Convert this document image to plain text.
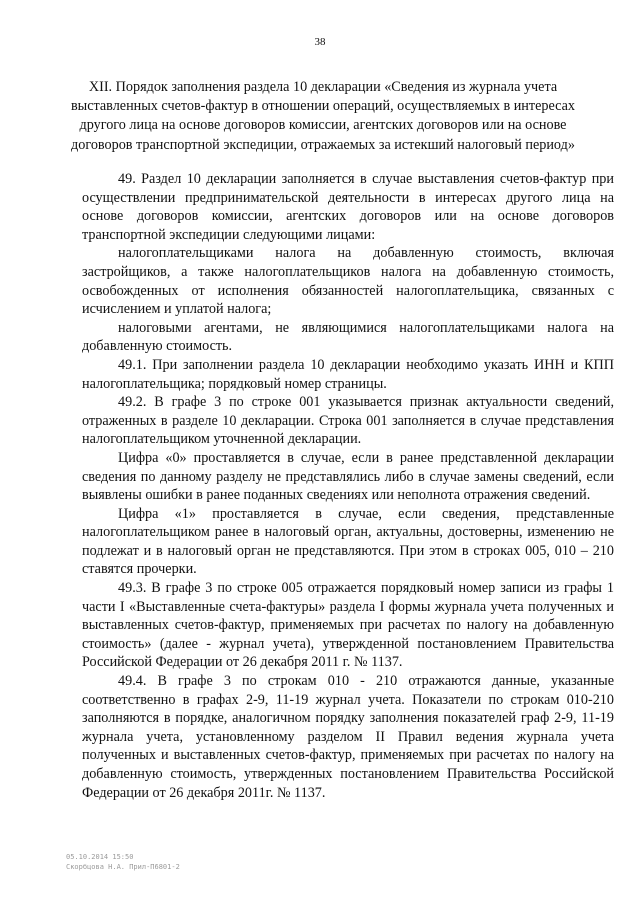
38
XII. Порядок заполнения раздела 10 декларации «Сведения из журнала учета выставленных счетов-фактур в отношении операций, осуществляемых в интересах другого лица на основе договоров комиссии, агентских договоров или на основе договоров транспортной экспедиции, отражаемых за истекший налоговый период»

49. Раздел 10 декларации заполняется в случае выставления счетов-фактур при осуществлении предпринимательской деятельности в интересах другого лица на основе договоров комиссии, агентских договоров или на основе договоров транспортной экспедиции следующими лицами:

налогоплательщиками налога на добавленную стоимость, включая застройщиков, а также налогоплательщиков налога на добавленную стоимость, освобожденных от исполнения обязанностей налогоплательщика, связанных с исчислением и уплатой налога;

налоговыми агентами, не являющимися налогоплательщиками налога на добавленную стоимость.

49.1. При заполнении раздела 10 декларации необходимо указать ИНН и КПП налогоплательщика; порядковый номер страницы.

49.2. В графе 3 по строке 001 указывается признак актуальности сведений, отраженных в разделе 10 декларации. Строка 001 заполняется в случае представления налогоплательщиком уточненной декларации.

Цифра «0» проставляется в случае, если в ранее представленной декларации сведения по данному разделу не представлялись либо в случае замены сведений, если выявлены ошибки в ранее поданных сведениях или неполнота отражения сведений.

Цифра «1» проставляется в случае, если сведения, представленные налогоплательщиком ранее в налоговый орган, актуальны, достоверны, изменению не подлежат и в налоговый орган не представляются. При этом в строках 005, 010 – 210 ставятся прочерки.

49.3. В графе 3 по строке 005 отражается порядковый номер записи из графы 1 части I «Выставленные счета-фактуры» раздела I формы журнала учета полученных и выставленных счетов-фактур, применяемых при расчетах по налогу на добавленную стоимость» (далее - журнал учета), утвержденной постановлением Правительства Российской Федерации от 26 декабря 2011 г. № 1137.

49.4. В графе 3 по строкам 010 - 210 отражаются данные, указанные соответственно в графах 2-9, 11-19 журнал учета. Показатели по строкам 010-210 заполняются в порядке, аналогичном порядку заполнения показателей граф 2-9, 11-19 журнала учета, установленному разделом II Правил ведения журнала учета полученных и выставленных счетов-фактур, применяемых при расчетах по налогу на добавленную стоимость, утвержденных постановлением Правительства Российской Федерации от 26 декабря 2011г. № 1137.

05.10.2014 15:50
Скорбцова Н.А. Прил-П6801-2
